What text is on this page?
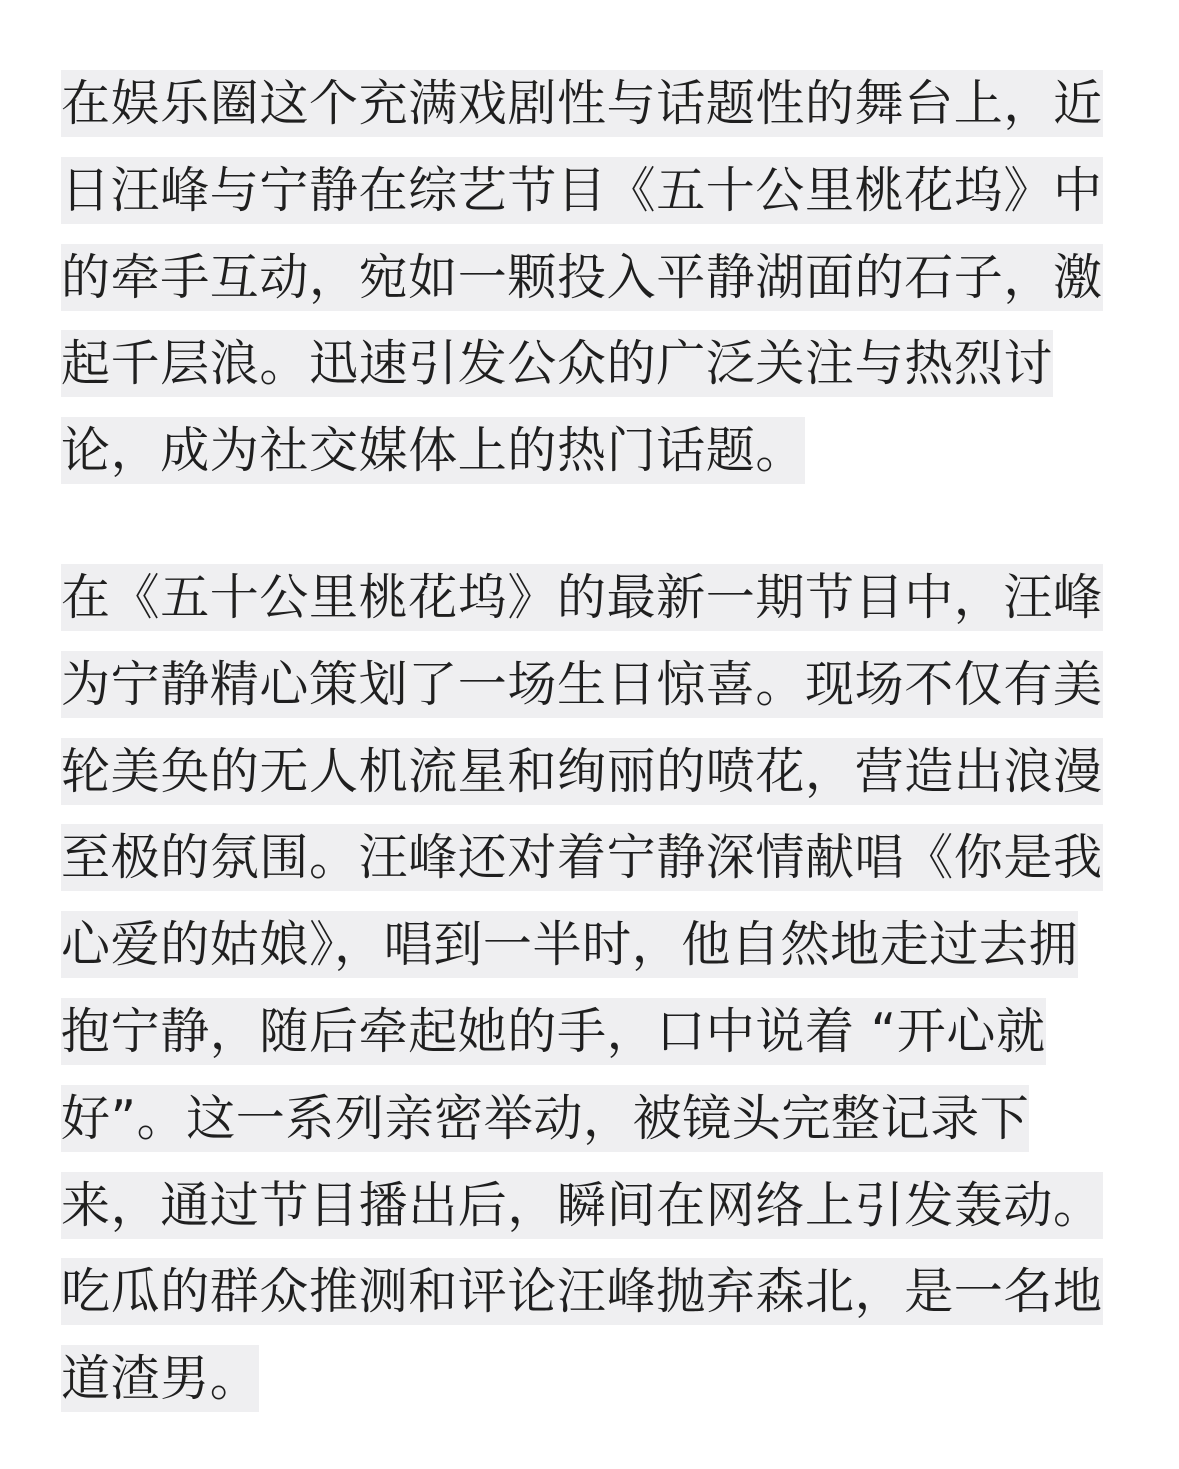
在娱乐圈这个充满戏剧性与话题性的舞台上，近日汪峰与宁静在综艺节目《五十公里桃花坞》中的牵手互动，宛如一颗投入平静湖面的石子，激起千层浪。迅速引发公众的广泛关注与热烈讨论，成为社交媒体上的热门话题。

在《五十公里桃花坞》的最新一期节目中，汪峰为宁静精心策划了一场生日惊喜。现场不仅有美轮美奂的无人机流星和绚丽的喷花，营造出浪漫至极的氛围。汪峰还对着宁静深情献唱《你是我心爱的姑娘》，唱到一半时，他自然地走过去拥抱宁静，随后牵起她的手，口中说着 “开心就好”。这一系列亲密举动，被镜头完整记录下来，通过节目播出后，瞬间在网络上引发轰动。吃瓜的群众推测和评论汪峰抛弃森北，是一名地道渣男。
